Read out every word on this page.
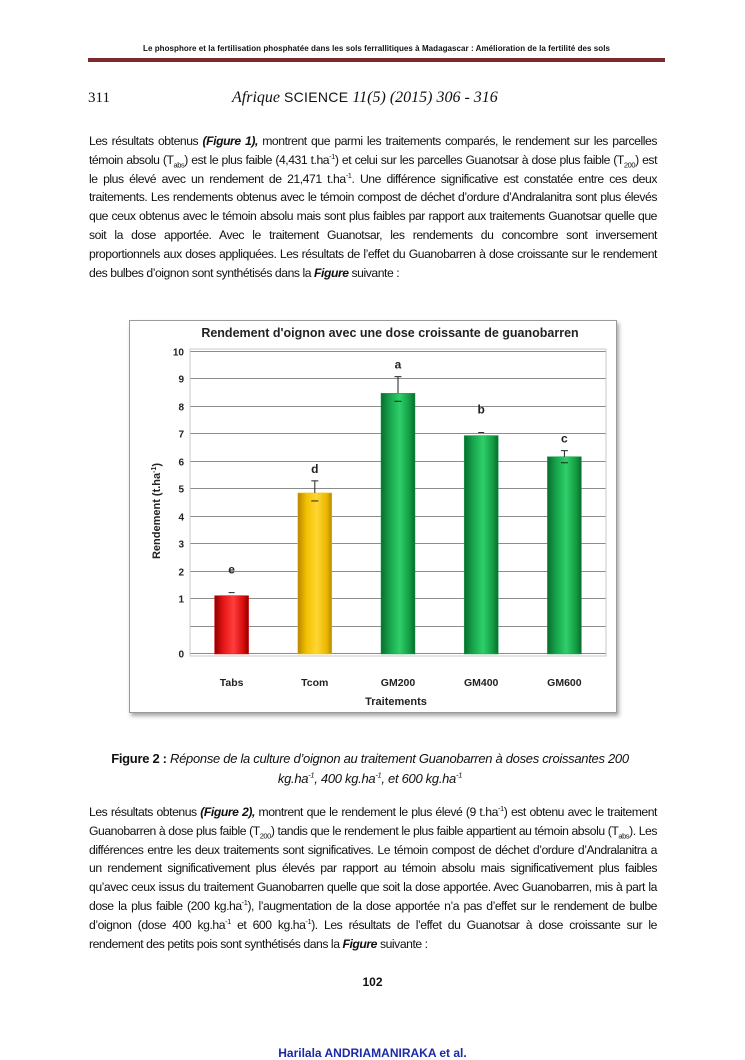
Le phosphore et la fertilisation phosphatée dans les sols ferrallitiques à Madagascar : Amélioration de la fertilité des sols
311	Afrique SCIENCE 11(5) (2015) 306 - 316

Les résultats obtenus (Figure 1), montrent que parmi les traitements comparés, le rendement sur les parcelles témoin absolu $(T_{abs})$ est le plus faible (4,431 $t.ha^{-1}$) et celui sur les parcelles Guanotsar à dose plus faible $(T_{200})$ est le plus élevé avec un rendement de 21,471 $t.ha^{-1}$. Une différence significative est constatée entre ces deux traitements. Les rendements obtenus avec le témoin compost de déchet d’ordure d’Andralanitra sont plus élevés que ceux obtenus avec le témoin absolu mais sont plus faibles par rapport aux traitements Guanotsar quelle que soit la dose apportée. Avec le traitement Guanotsar, les rendements du concombre sont inversement proportionnels aux doses appliquées. Les résultats de l’effet du Guanobarren à dose croissante sur le rendement des bulbes d’oignon sont synthétisés dans la Figure suivante :

Rendement d'oignon avec une dose croissante de guanobarren
0
1
2
3
4
5
6
7
8
9
10
e
d
a
b
c
Tabs	Tcom	GM200	GM400	GM600
Traitements
Rendement $(t.ha^{-1})$
Figure 2 : Réponse de la culture d’oignon au traitement Guanobarren à doses croissantes 200 $kg.ha^{-1}$, 400 $kg.ha^{-1}$, et 600 $kg.ha^{-1}$

Les résultats obtenus (Figure 2), montrent que le rendement le plus élevé (9 $t.ha^{-1}$) est obtenu avec le traitement Guanobarren à dose plus faible $(T_{200})$ tandis que le rendement le plus faible appartient au témoin absolu $(T_{abs})$. Les différences entre les deux traitements sont significatives. Le témoin compost de déchet d’ordure d’Andralanitra a un rendement significativement plus élevés par rapport au témoin absolu mais significativement plus faibles qu’avec ceux issus du traitement Guanobarren quelle que soit la dose apportée. Avec Guanobarren, mis à part la dose la plus faible (200 $kg.ha^{-1}$), l’augmentation de la dose apportée n’a pas d’effet sur le rendement de bulbe d’oignon (dose 400 $kg.ha^{-1}$ et 600 $kg.ha^{-1}$). Les résultats de l’effet du Guanotsar à dose croissante sur le rendement des petits pois sont synthétisés dans la Figure suivante :

102
Harilala ANDRIAMANIRAKA et al.
